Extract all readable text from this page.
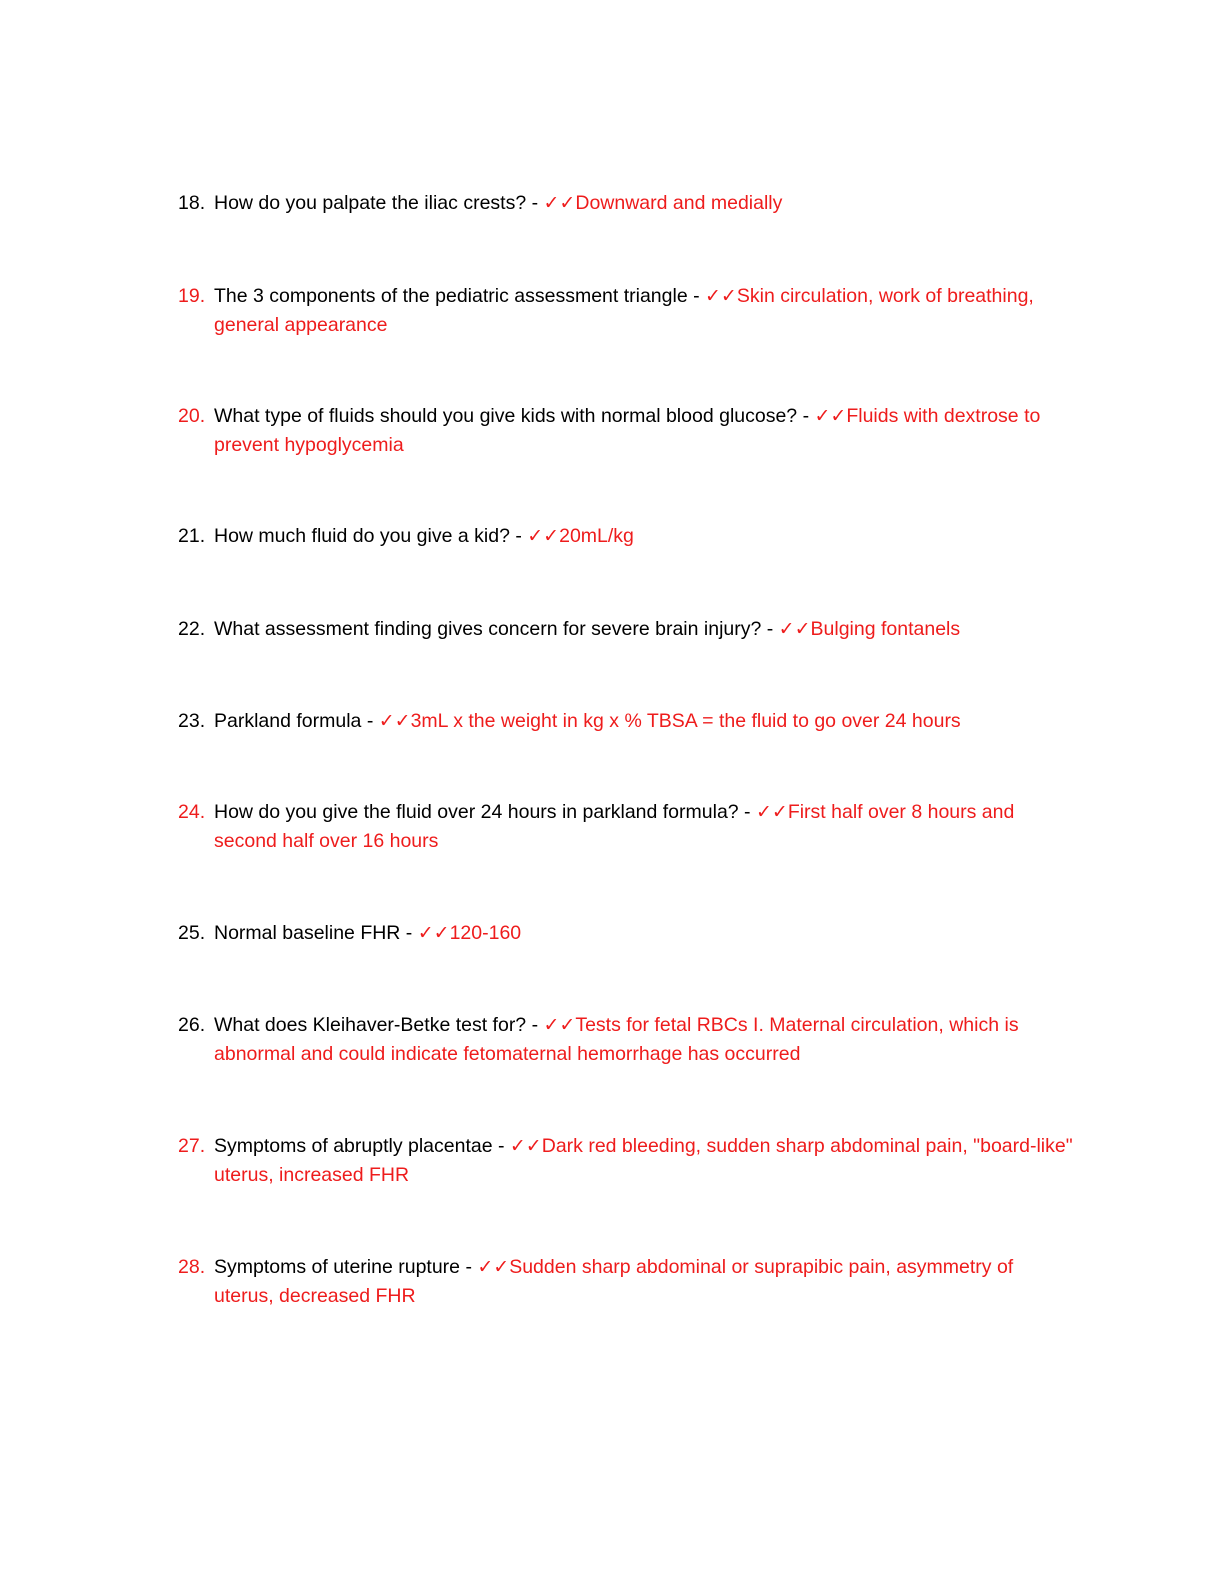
18. How do you palpate the iliac crests? - ✓✓Downward and medially
19. The 3 components of the pediatric assessment triangle - ✓✓Skin circulation, work of breathing, general appearance
20. What type of fluids should you give kids with normal blood glucose? - ✓✓Fluids with dextrose to prevent hypoglycemia
21. How much fluid do you give a kid? - ✓✓20mL/kg
22. What assessment finding gives concern for severe brain injury? - ✓✓Bulging fontanels
23. Parkland formula - ✓✓3mL x the weight in kg x % TBSA = the fluid to go over 24 hours
24. How do you give the fluid over 24 hours in parkland formula? - ✓✓First half over 8 hours and second half over 16 hours
25. Normal baseline FHR - ✓✓120-160
26. What does Kleihaver-Betke test for? - ✓✓Tests for fetal RBCs I. Maternal circulation, which is abnormal and could indicate fetomaternal hemorrhage has occurred
27. Symptoms of abruptly placentae - ✓✓Dark red bleeding, sudden sharp abdominal pain, "board-like" uterus, increased FHR
28. Symptoms of uterine rupture - ✓✓Sudden sharp abdominal or suprapibic pain, asymmetry of uterus, decreased FHR
